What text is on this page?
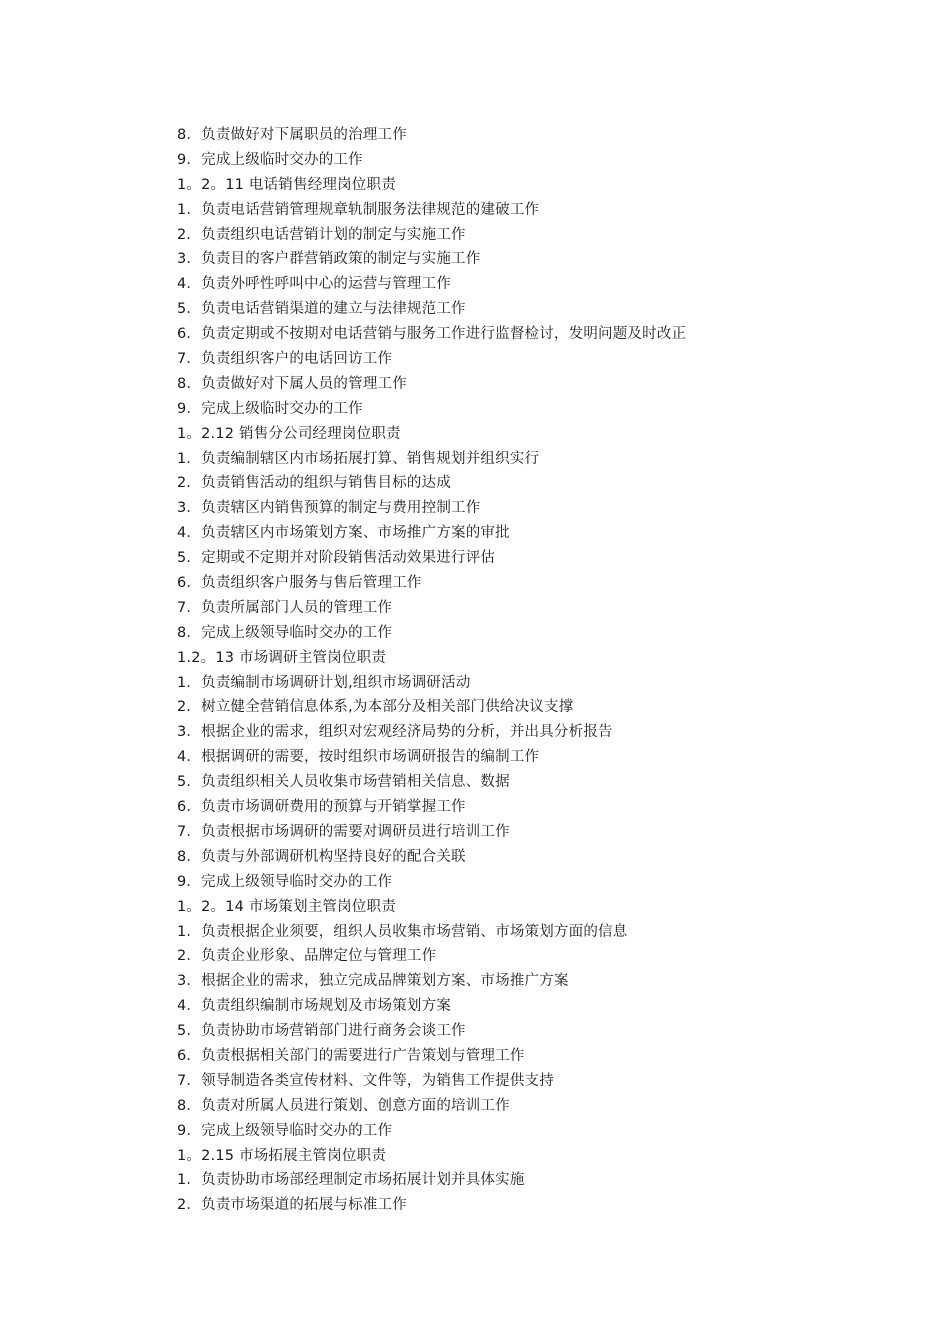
8．负责做好对下属职员的治理工作
9．完成上级临时交办的工作
1。2。11 电话销售经理岗位职责
1．负责电话营销管理规章轨制服务法律规范的建破工作
2．负责组织电话营销计划的制定与实施工作
3．负责目的客户群营销政策的制定与实施工作
4．负责外呼性呼叫中心的运营与管理工作
5．负责电话营销渠道的建立与法律规范工作
6．负责定期或不按期对电话营销与服务工作进行监督检讨，发明问题及时改正
7．负责组织客户的电话回访工作
8．负责做好对下属人员的管理工作
9．完成上级临时交办的工作
1。2.12 销售分公司经理岗位职责
1．负责编制辖区内市场拓展打算、销售规划并组织实行
2．负责销售活动的组织与销售目标的达成
3．负责辖区内销售预算的制定与费用控制工作
4．负责辖区内市场策划方案、市场推广方案的审批
5．定期或不定期并对阶段销售活动效果进行评估
6．负责组织客户服务与售后管理工作
7．负责所属部门人员的管理工作
8．完成上级领导临时交办的工作
1.2。13 市场调研主管岗位职责
1．负责编制市场调研计划,组织市场调研活动
2．树立健全营销信息体系,为本部分及相关部门供给决议支撑
3．根据企业的需求，组织对宏观经济局势的分析，并出具分析报告
4．根据调研的需要，按时组织市场调研报告的编制工作
5．负责组织相关人员收集市场营销相关信息、数据
6．负责市场调研费用的预算与开销掌握工作
7．负责根据市场调研的需要对调研员进行培训工作
8．负责与外部调研机构坚持良好的配合关联
9．完成上级领导临时交办的工作
1。2。14 市场策划主管岗位职责
1．负责根据企业须要，组织人员收集市场营销、市场策划方面的信息
2．负责企业形象、品牌定位与管理工作
3．根据企业的需求，独立完成品牌策划方案、市场推广方案
4．负责组织编制市场规划及市场策划方案
5．负责协助市场营销部门进行商务会谈工作
6．负责根据相关部门的需要进行广告策划与管理工作
7．领导制造各类宣传材料、文件等，为销售工作提供支持
8．负责对所属人员进行策划、创意方面的培训工作
9．完成上级领导临时交办的工作
1。2.15 市场拓展主管岗位职责
1．负责协助市场部经理制定市场拓展计划并具体实施
2．负责市场渠道的拓展与标准工作
